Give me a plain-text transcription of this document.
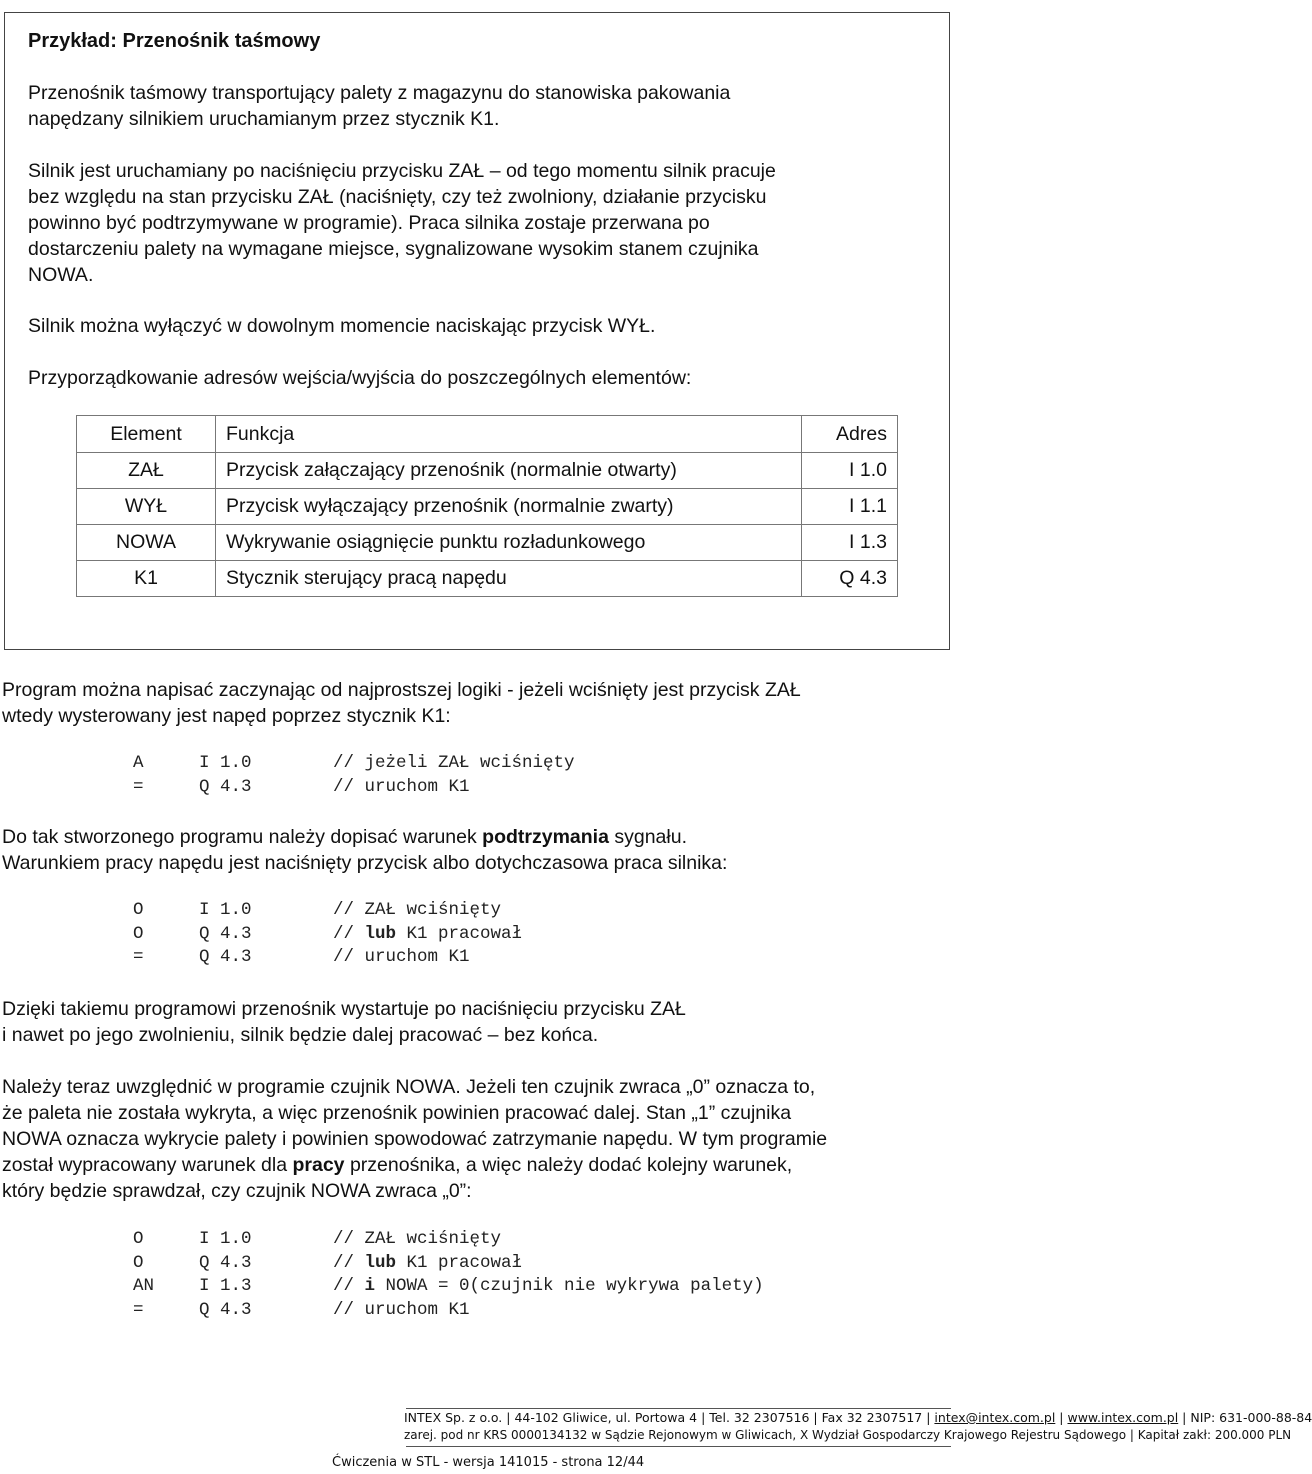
Przykład: Przenośnik taśmowy

Przenośnik taśmowy transportujący palety z magazynu do stanowiska pakowania
napędzany silnikiem uruchamianym przez stycznik K1.
Silnik jest uruchamiany po naciśnięciu przycisku ZAŁ – od tego momentu silnik pracuje
bez względu na stan przycisku ZAŁ (naciśnięty, czy też zwolniony, działanie przycisku
powinno być podtrzymywane w programie). Praca silnika zostaje przerwana po
dostarczeniu palety na wymagane miejsce, sygnalizowane wysokim stanem czujnika
NOWA.
Silnik można wyłączyć w dowolnym momencie naciskając przycisk WYŁ.
Przyporządkowanie adresów wejścia/wyjścia do poszczególnych elementów:
Element	Funkcja	Adres
ZAŁ	Przycisk załączający przenośnik (normalnie otwarty)	I 1.0
WYŁ	Przycisk wyłączający przenośnik (normalnie zwarty)	I 1.1
NOWA	Wykrywanie osiągnięcie punktu rozładunkowego	I 1.3
K1	Stycznik sterujący pracą napędu	Q 4.3
Program można napisać zaczynając od najprostszej logiki - jeżeli wciśnięty jest przycisk ZAŁ
wtedy wysterowany jest napęd poprzez stycznik K1:
A	I 1.0	// jeżeli ZAŁ wciśnięty
=	Q 4.3	// uruchom K1
Do tak stworzonego programu należy dopisać warunek podtrzymania sygnału.
Warunkiem pracy napędu jest naciśnięty przycisk albo dotychczasowa praca silnika:
O	I 1.0	// ZAŁ wciśnięty
O	Q 4.3	// lub K1 pracował
=	Q 4.3	// uruchom K1
Dzięki takiemu programowi przenośnik wystartuje po naciśnięciu przycisku ZAŁ
i nawet po jego zwolnieniu, silnik będzie dalej pracować – bez końca.
Należy teraz uwzględnić w programie czujnik NOWA. Jeżeli ten czujnik zwraca „0” oznacza to,
że paleta nie została wykryta, a więc przenośnik powinien pracować dalej. Stan „1” czujnika
NOWA oznacza wykrycie palety i powinien spowodować zatrzymanie napędu. W tym programie
został wypracowany warunek dla pracy przenośnika, a więc należy dodać kolejny warunek,
który będzie sprawdzał, czy czujnik NOWA zwraca „0”:
O	I 1.0	// ZAŁ wciśnięty
O	Q 4.3	// lub K1 pracował
AN	I 1.3	// i NOWA = 0(czujnik nie wykrywa palety)
=	Q 4.3	// uruchom K1
INTEX Sp. z o.o. | 44-102 Gliwice, ul. Portowa 4 | Tel. 32 2307516 | Fax 32 2307517 | intex@intex.com.pl | www.intex.com.pl | NIP: 631-000-88-84
zarej. pod nr KRS 0000134132 w Sądzie Rejonowym w Gliwicach, X Wydział Gospodarczy Krajowego Rejestru Sądowego | Kapitał zakł: 200.000 PLN
Ćwiczenia w STL - wersja 141015 - strona 12/44
